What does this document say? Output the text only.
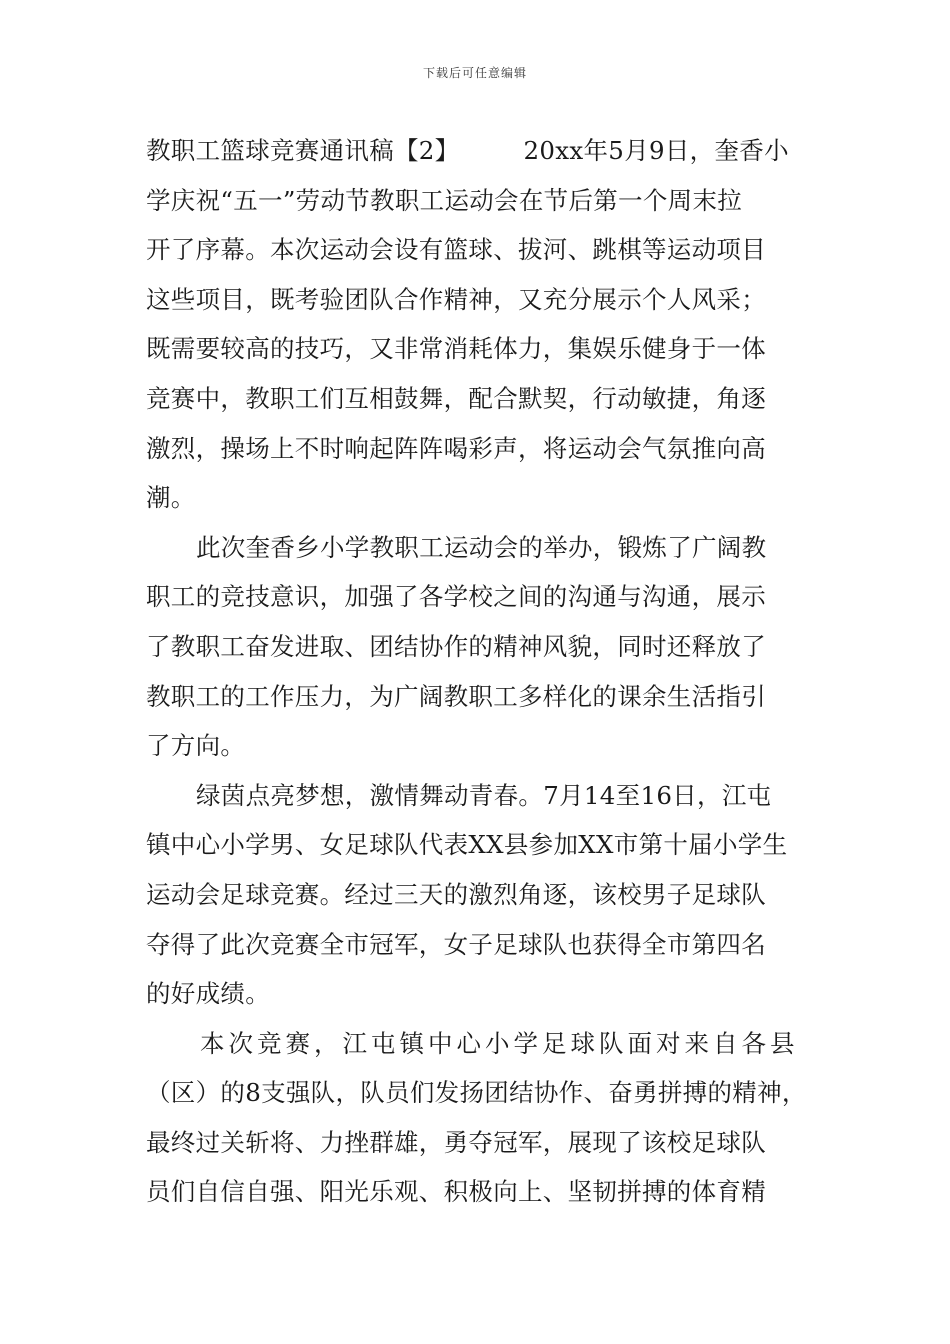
下载后可任意编辑
教职工篮球竞赛通讯稿【2】	20xx年5月9日，奎香小
学庆祝“五一”劳动节教职工运动会在节后第一个周末拉
开了序幕。本次运动会设有篮球、拔河、跳棋等运动项目
这些项目，既考验团队合作精神，又充分展示个人风采；
既需要较高的技巧，又非常消耗体力，集娱乐健身于一体
竞赛中，教职工们互相鼓舞，配合默契，行动敏捷，角逐
激烈，操场上不时响起阵阵喝彩声，将运动会气氛推向高
潮。
此次奎香乡小学教职工运动会的举办，锻炼了广阔教
职工的竞技意识，加强了各学校之间的沟通与沟通，展示
了教职工奋发进取、团结协作的精神风貌，同时还释放了
教职工的工作压力，为广阔教职工多样化的课余生活指引
了方向。
绿茵点亮梦想，激情舞动青春。7月14至16日，江屯
镇中心小学男、女足球队代表XX县参加XX市第十届小学生
运动会足球竞赛。经过三天的激烈角逐，该校男子足球队
夺得了此次竞赛全市冠军，女子足球队也获得全市第四名
的好成绩。
本次竞赛，江屯镇中心小学足球队面对来自各县
（区）的8支强队，队员们发扬团结协作、奋勇拼搏的精神，
最终过关斩将、力挫群雄，勇夺冠军，展现了该校足球队
员们自信自强、阳光乐观、积极向上、坚韧拼搏的体育精
